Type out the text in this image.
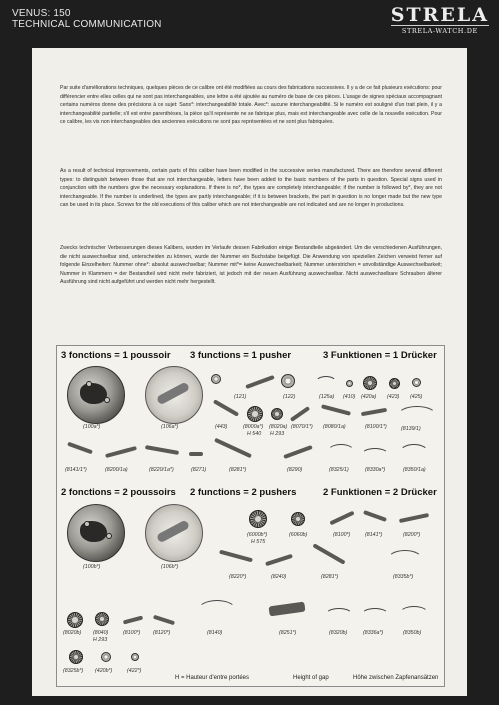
VENUS: 150
TECHNICAL COMMUNICATION	STRELA
STRELA-WATCH.DE

Par suite d'améliorations techniques, quelques pièces de ce calibre ont été modifiées au cours des fabrications successives. Il y a de ce fait plusieurs exécutions: pour différencier entre elles celles qui ne sont pas interchangeables, une lettre a été ajoutée au numéro de base de ces pièces. L'usage de signes spéciaux accompagnant certains numéros donne des précisions à ce sujet: Sans*: interchangeabilité totale. Avec*: aucune interchangeabilité. Si le numéro est souligné d'un trait plein, il y a interchangeabilité partielle; s'il est entre parenthèses, la pièce qu'il représente ne se fabrique plus, mais est interchangeable avec celle de la nouvelle exécution. Pour ce calibre, les vis non interchangeables des anciennes exécutions ne sont pas représentées et ne sont plus fabriquées.

As a result of technical improvements, certain parts of this caliber have been modified in the successive series manufactured. There are therefore several different types: to distinguish between those that are not interchangeable, letters have been added to the basic numbers of the parts in question. Special signs used in conjunction with the numbers give the necessary explanations. If there is no*, the types are completely interchangeable; if the number is followed by*, they are not interchangeable. If the number is underlined, the types are partly interchangeable; if it is between brackets, the part in question is no longer made but the new type can be used in its place. Screws for the old executions of this caliber which are not interchangeable are not indicated and are no longer in productions.

Zwecks technischer Verbesserungen dieses Kalibers, wurden im Verlaufe dessen Fabrikation einige Bestandteile abgeändert. Um die verschiedenen Ausführungen, die nicht auswechselbar sind, unterscheiden zu können, wurde der Nummer ein Buchstabe beigefügt. Die Anwendung von speziellen Zeichen verweist ferner auf folgende Einzelheiten: Nummer ohne*: absolut auswechselbar; Nummer mit*= keine Auswechselbarkeit; Nummer unterstrichen = unvollständige Auswechselbarkeit; Nummer in Klammern = der Bestandteil wird nicht mehr fabriziert, ist jedoch mit der neuen Ausführung auswechselbar. Nicht auswechselbare Schrauben älterer Ausführung sind nicht aufgeführt und werden nicht mehr hergestellt.

3 fonctions = 1 poussoir 3 functions = 1 pusher	3 Funktionen = 1 Drücker
(100a*)	(106a*)
(121)	(122)	(125a) (410) (420a) (423) (425)
(443)	(8000a*)
H 540
(8020a)
H 293
(8070/1*) (8080/1a)	(8100/1*)	(8139/1)
(8141/1*)	(8200/1a)	(8220/1a*)	(8271)	(8281*)	(8290)	(8325/1)	(8330a*)	(8350/1a)
2 fonctions = 2 poussoirs 2 functions = 2 pushers	2 Funktionen = 2 Drücker
(100b*)	(106b*)
(6000b*)
H 575
(6060b)	(8100*)	(8141*)	(8200*)
(8220*)	(8240)	(8281*)	(8335b*)
(8020b) (8040)
H 293
(8100*) (8120*)	(8140)	(8251*)	(8320b)	(8336a*)	(8350b)
(8325b*) (420b*)	(422*)
H = Hauteur d'entre portées	Height of gap	Höhe zwischen Zapfenansätzen
